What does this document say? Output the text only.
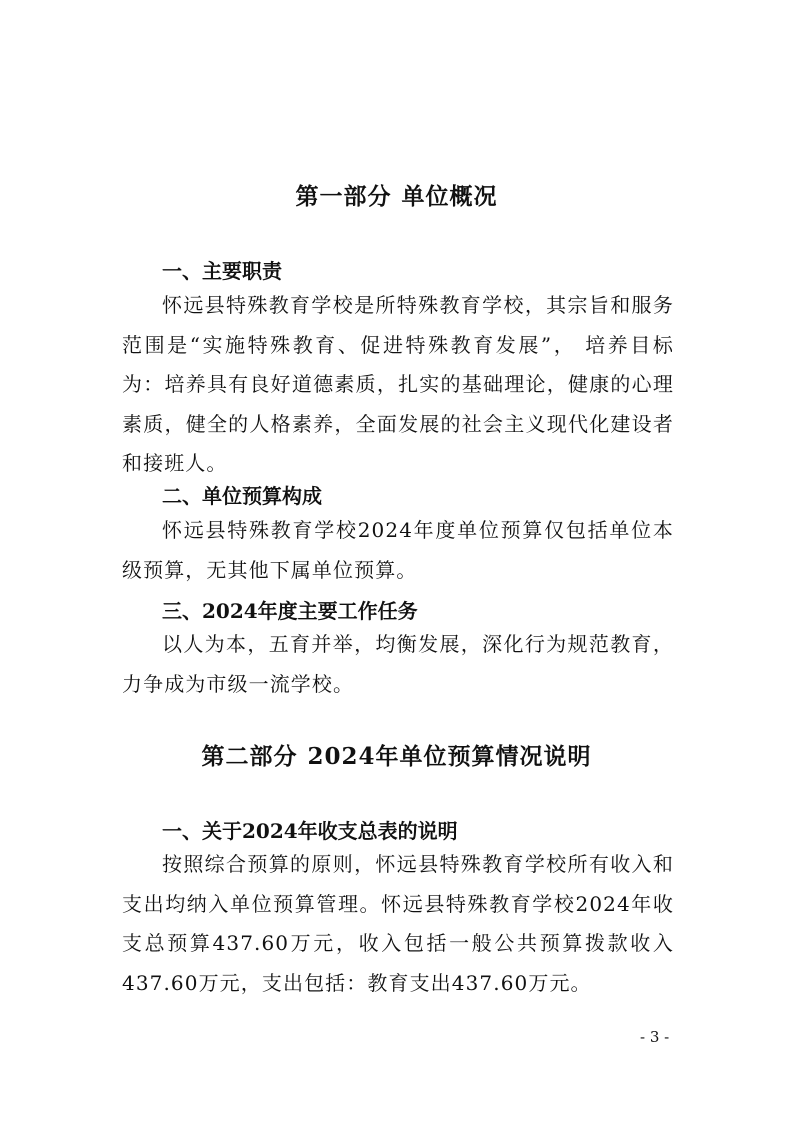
第一部分 单位概况
一、主要职责
怀远县特殊教育学校是所特殊教育学校，其宗旨和服务范围是“实施特殊教育、促进特殊教育发展”， 培养目标为：培养具有良好道德素质，扎实的基础理论，健康的心理素质，健全的人格素养，全面发展的社会主义现代化建设者和接班人。
二、单位预算构成
怀远县特殊教育学校2024年度单位预算仅包括单位本级预算，无其他下属单位预算。
三、2024年度主要工作任务
以人为本，五育并举，均衡发展，深化行为规范教育，力争成为市级一流学校。
第二部分 2024年单位预算情况说明
一、关于2024年收支总表的说明
按照综合预算的原则，怀远县特殊教育学校所有收入和支出均纳入单位预算管理。怀远县特殊教育学校2024年收支总预算437.60万元，收入包括一般公共预算拨款收入437.60万元，支出包括：教育支出437.60万元。
- 3 -
